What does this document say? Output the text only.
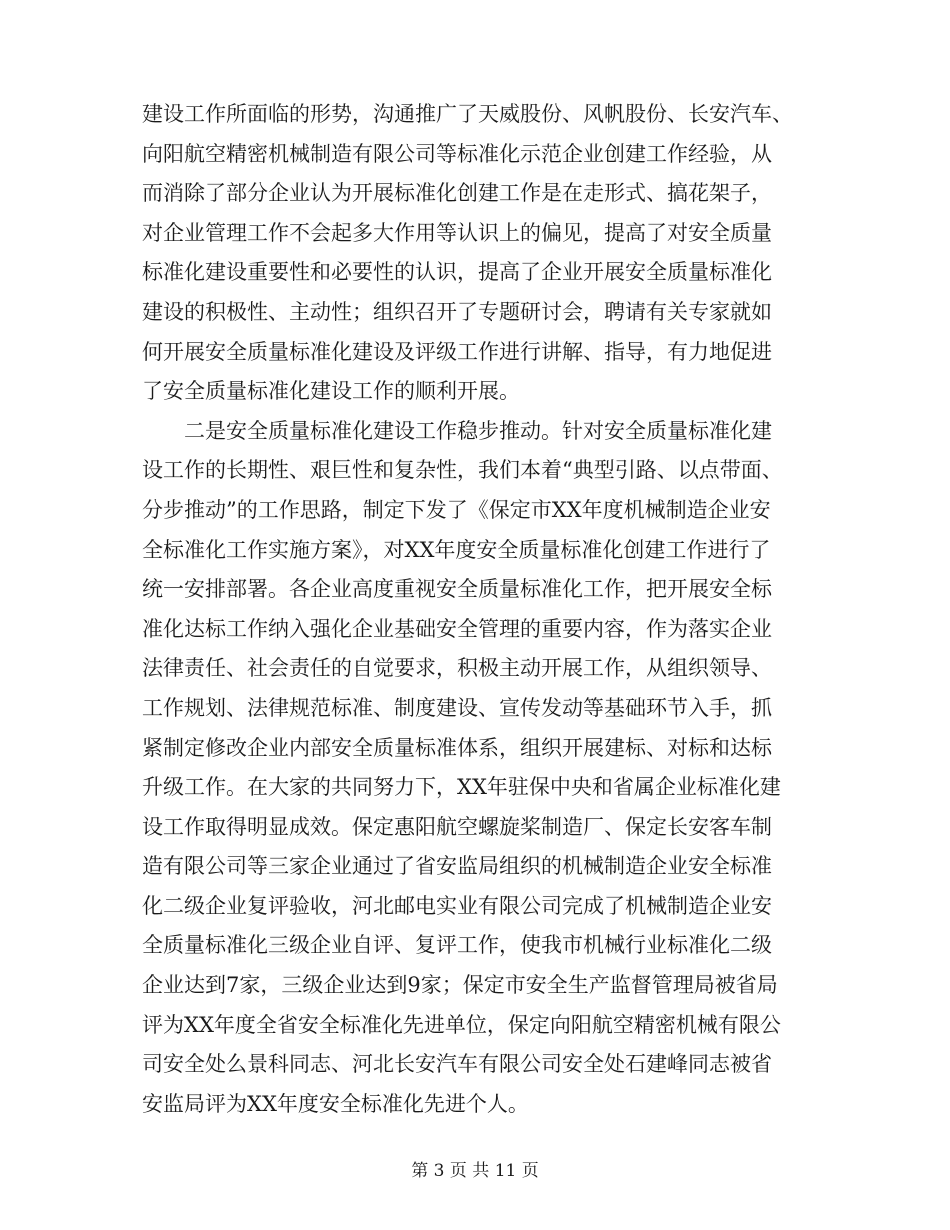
建设工作所面临的形势，沟通推广了天威股份、风帆股份、长安汽车、
向阳航空精密机械制造有限公司等标准化示范企业创建工作经验，从
而消除了部分企业认为开展标准化创建工作是在走形式、搞花架子，
对企业管理工作不会起多大作用等认识上的偏见，提高了对安全质量
标准化建设重要性和必要性的认识，提高了企业开展安全质量标准化
建设的积极性、主动性；组织召开了专题研讨会，聘请有关专家就如
何开展安全质量标准化建设及评级工作进行讲解、指导，有力地促进
了安全质量标准化建设工作的顺利开展。
二是安全质量标准化建设工作稳步推动。针对安全质量标准化建
设工作的长期性、艰巨性和复杂性，我们本着“典型引路、以点带面、
分步推动”的工作思路，制定下发了《保定市XX年度机械制造企业安
全标准化工作实施方案》，对XX年度安全质量标准化创建工作进行了
统一安排部署。各企业高度重视安全质量标准化工作，把开展安全标
准化达标工作纳入强化企业基础安全管理的重要内容，作为落实企业
法律责任、社会责任的自觉要求，积极主动开展工作，从组织领导、
工作规划、法律规范标准、制度建设、宣传发动等基础环节入手，抓
紧制定修改企业内部安全质量标准体系，组织开展建标、对标和达标
升级工作。在大家的共同努力下，XX年驻保中央和省属企业标准化建
设工作取得明显成效。保定惠阳航空螺旋桨制造厂、保定长安客车制
造有限公司等三家企业通过了省安监局组织的机械制造企业安全标准
化二级企业复评验收，河北邮电实业有限公司完成了机械制造企业安
全质量标准化三级企业自评、复评工作，使我市机械行业标准化二级
企业达到7家，三级企业达到9家；保定市安全生产监督管理局被省局
评为XX年度全省安全标准化先进单位，保定向阳航空精密机械有限公
司安全处么景科同志、河北长安汽车有限公司安全处石建峰同志被省
安监局评为XX年度安全标准化先进个人。
第 3 页 共 11 页
